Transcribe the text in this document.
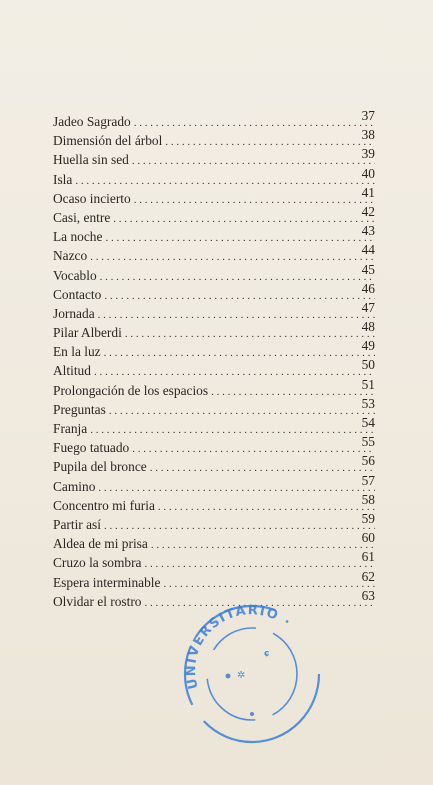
Jadeo Sagrado . . .	37
Dimensión del árbol . . .	38
Huella sin sed . . .	39
Isla . . .	40
Ocaso incierto . . .	41
Casi, entre . . .	42
La noche . . .	43
Nazco . . .	44
Vocablo . . .	45
Contacto . . .	46
Jornada . . .	47
Pilar Alberdi . . .	48
En la luz . . .	49
Altitud . . .	50
Prolongación de los espacios . . .	51
Preguntas . . .	53
Franja . . .	54
Fuego tatuado . . .	55
Pupila del bronce . . .	56
Camino . . .	57
Concentro mi furia . . .	58
Partir así . . .	59
Aldea de mi prisa . . .	60
Cruzo la sombra . . .	61
Espera interminable . . .	62
Olvidar el rostro . . .	63
UNIVERSITARIO · OQUEA KLSA
✲
ɕ
